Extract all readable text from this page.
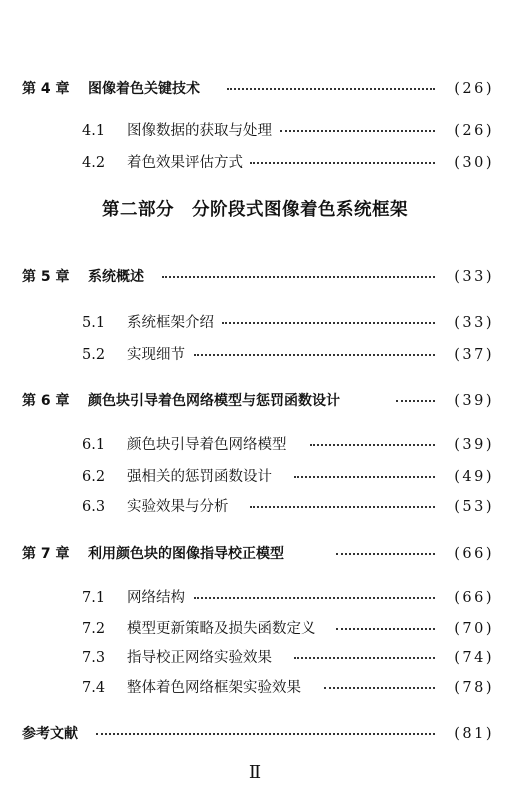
第 4 章 图像着色关键技术	(26)
4.1 图像数据的获取与处理	(26)
4.2 着色效果评估方式	(30)
第二部分　分阶段式图像着色系统框架
第 5 章 系统概述	(33)
5.1 系统框架介绍	(33)
5.2 实现细节	(37)
第 6 章 颜色块引导着色网络模型与惩罚函数设计	(39)
6.1 颜色块引导着色网络模型	(39)
6.2 强相关的惩罚函数设计	(49)
6.3 实验效果与分析	(53)
第 7 章 利用颜色块的图像指导校正模型	(66)
7.1 网络结构	(66)
7.2 模型更新策略及损失函数定义	(70)
7.3 指导校正网络实验效果	(74)
7.4 整体着色网络框架实验效果	(78)
参考文献	(81)
Ⅱ
